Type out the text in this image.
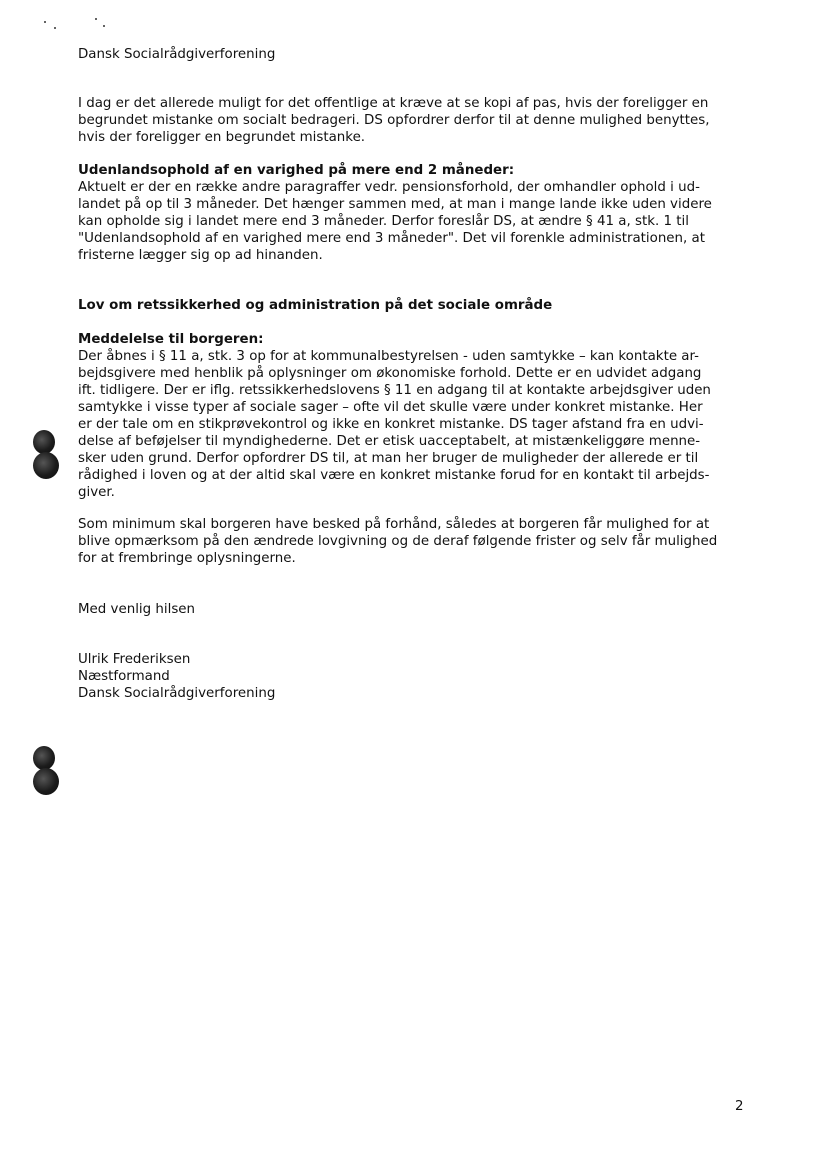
Dansk Socialrådgiverforening

I dag er det allerede muligt for det offentlige at kræve at se kopi af pas, hvis der foreligger en
begrundet mistanke om socialt bedrageri. DS opfordrer derfor til at denne mulighed benyttes,
hvis der foreligger en begrundet mistanke.

Udenlandsophold af en varighed på mere end 2 måneder:
Aktuelt er der en række andre paragraffer vedr. pensionsforhold, der omhandler ophold i ud-
landet på op til 3 måneder. Det hænger sammen med, at man i mange lande ikke uden videre
kan opholde sig i landet mere end 3 måneder. Derfor foreslår DS, at ændre § 41 a, stk. 1 til
"Udenlandsophold af en varighed mere end 3 måneder". Det vil forenkle administrationen, at
fristerne lægger sig op ad hinanden.

Lov om retssikkerhed og administration på det sociale område

Meddelelse til borgeren:
Der åbnes i § 11 a, stk. 3 op for at kommunalbestyrelsen - uden samtykke – kan kontakte ar-
bejdsgivere med henblik på oplysninger om økonomiske forhold. Dette er en udvidet adgang
ift. tidligere. Der er iflg. retssikkerhedslovens § 11 en adgang til at kontakte arbejdsgiver uden
samtykke i visse typer af sociale sager – ofte vil det skulle være under konkret mistanke. Her
er der tale om en stikprøvekontrol og ikke en konkret mistanke. DS tager afstand fra en udvi-
delse af beføjelser til myndighederne. Det er etisk uacceptabelt, at mistænkeliggøre menne-
sker uden grund. Derfor opfordrer DS til, at man her bruger de muligheder der allerede er til
rådighed i loven og at der altid skal være en konkret mistanke forud for en kontakt til arbejds-
giver.

Som minimum skal borgeren have besked på forhånd, således at borgeren får mulighed for at
blive opmærksom på den ændrede lovgivning og de deraf følgende frister og selv får mulighed
for at frembringe oplysningerne.

Med venlig hilsen

Ulrik Frederiksen
Næstformand
Dansk Socialrådgiverforening

2
